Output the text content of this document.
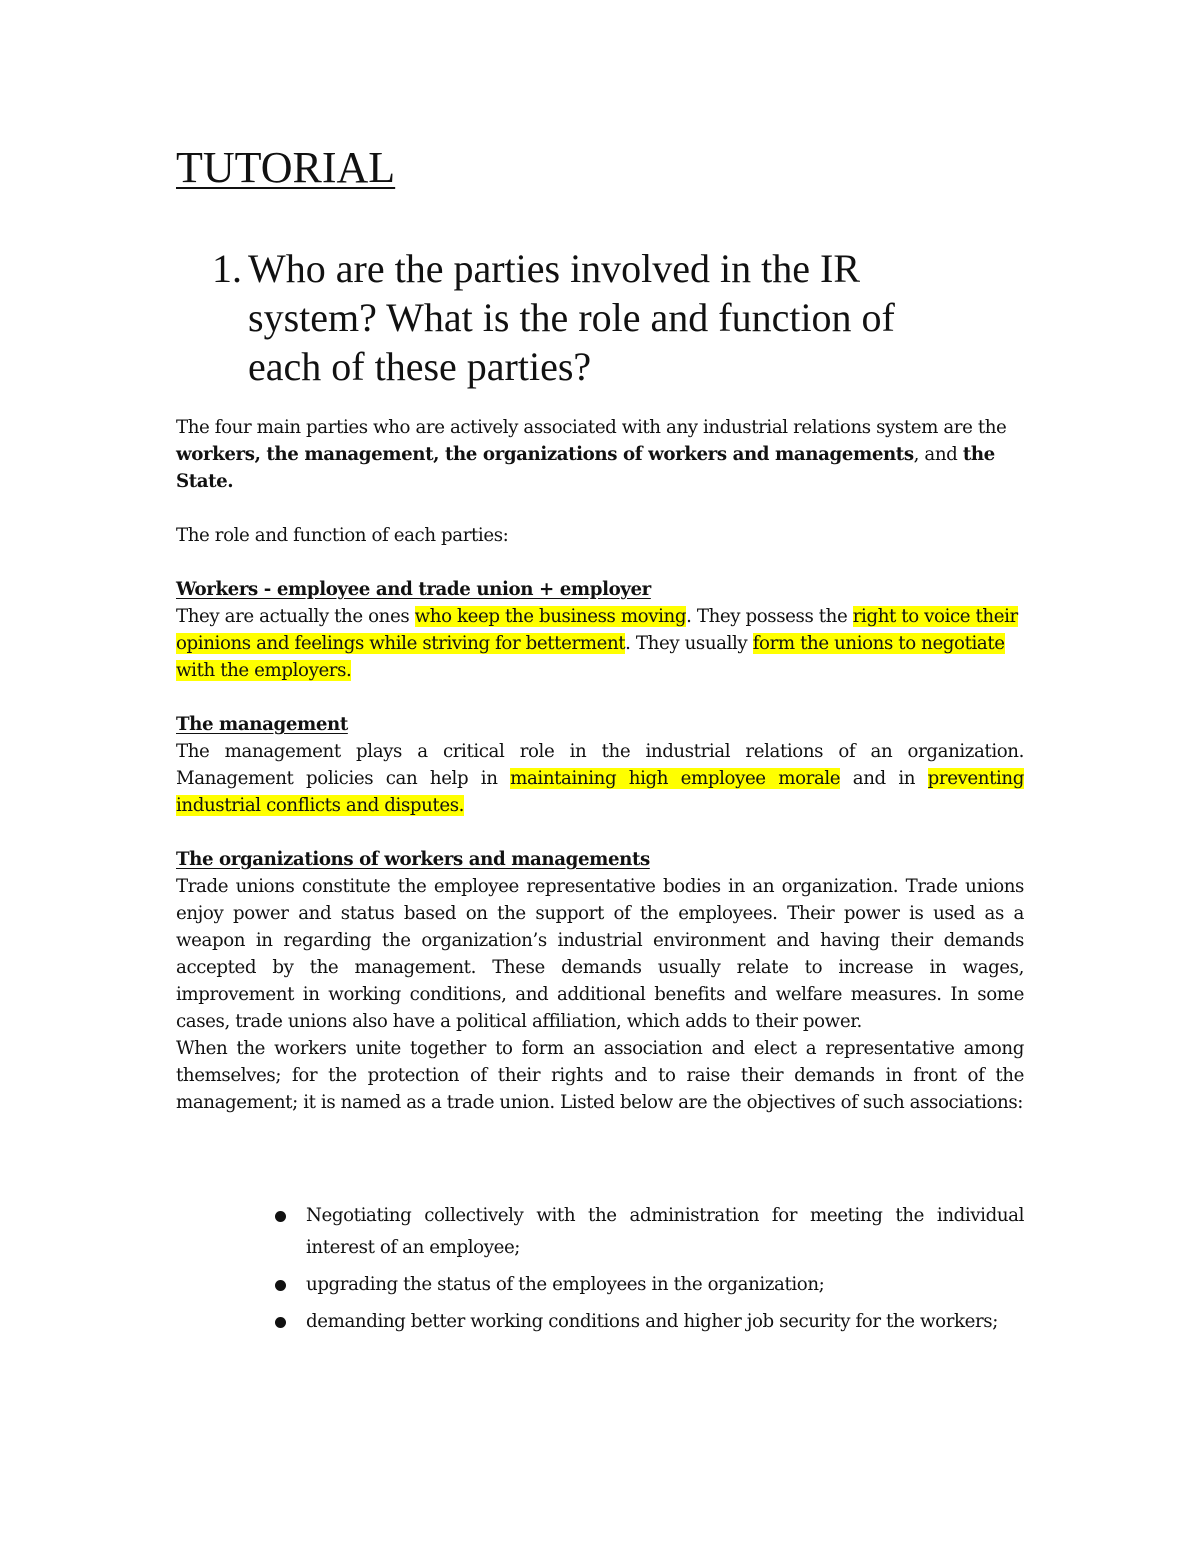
TUTORIAL
1. Who are the parties involved in the IR system? What is the role and function of each of these parties?

The four main parties who are actively associated with any industrial relations system are the workers, the management, the organizations of workers and managements, and the State.

The role and function of each parties:

Workers - employee and trade union + employer
They are actually the ones who keep the business moving. They possess the right to voice their opinions and feelings while striving for betterment. They usually form the unions to negotiate with the employers.
The management
The management plays a critical role in the industrial relations of an organization. Management policies can help in maintaining high employee morale and in preventing industrial conflicts and disputes.
The organizations of workers and managements
Trade unions constitute the employee representative bodies in an organization. Trade unions enjoy power and status based on the support of the employees. Their power is used as a weapon in regarding the organization’s industrial environment and having their demands accepted by the management. These demands usually relate to increase in wages, improvement in working conditions, and additional benefits and welfare measures. In some cases, trade unions also have a political affiliation, which adds to their power.
When the workers unite together to form an association and elect a representative among themselves; for the protection of their rights and to raise their demands in front of the management; it is named as a trade union. Listed below are the objectives of such associations:
Negotiating collectively with the administration for meeting the individual interest of an employee;
upgrading the status of the employees in the organization;
demanding better working conditions and higher job security for the workers;
